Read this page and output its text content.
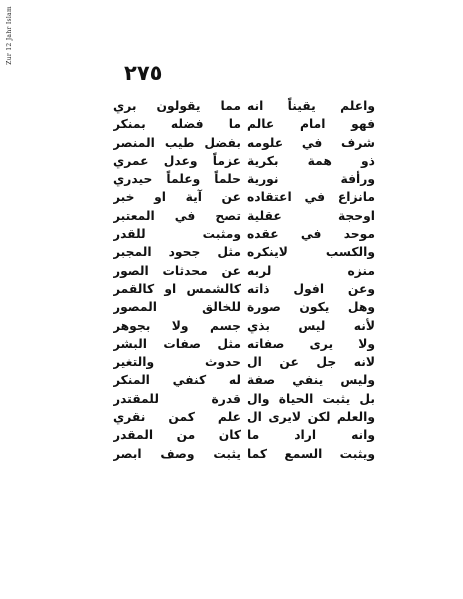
Zur 12 Jahr Islam
٢٧٥
واعلم يقيناً انه
مما يقولون بري
فهو امام عالم
ما فضله بمنكر
شرف في علومه
بفضل طيب المنصر
ذو همة بكرية
عزماً وعدل عمري
ورأفة نورية
حلماً وعلماً حيدري
مانزاع في اعتقاده
عن آية او خبر
اوحجة عقلية
تصح في المعتبر
موحد في عقده
ومثبت للقدر
والكسب لاينكره
مثل جحود المجبر
منزه لربه
عن محدثات الصور
وعن افول ذاته
كالشمس او كالقمر
وهل يكون صورة
للخالق المصور
لأنه ليس بذي
جسم ولا بجوهر
ولا يرى صفاته
مثل صفات البشر
لانه جل عن ال
حدوث والتغير
وليس ينفي صفة
له كنفي المنكر
بل يثبت الحياة وال
قدرة للمقتدر
والعلم لكن لايرى ال
علم كمن نقري
وانه اراد ما
كان من المقدر
ويثبت السمع كما
يثبت وصف ابصر
